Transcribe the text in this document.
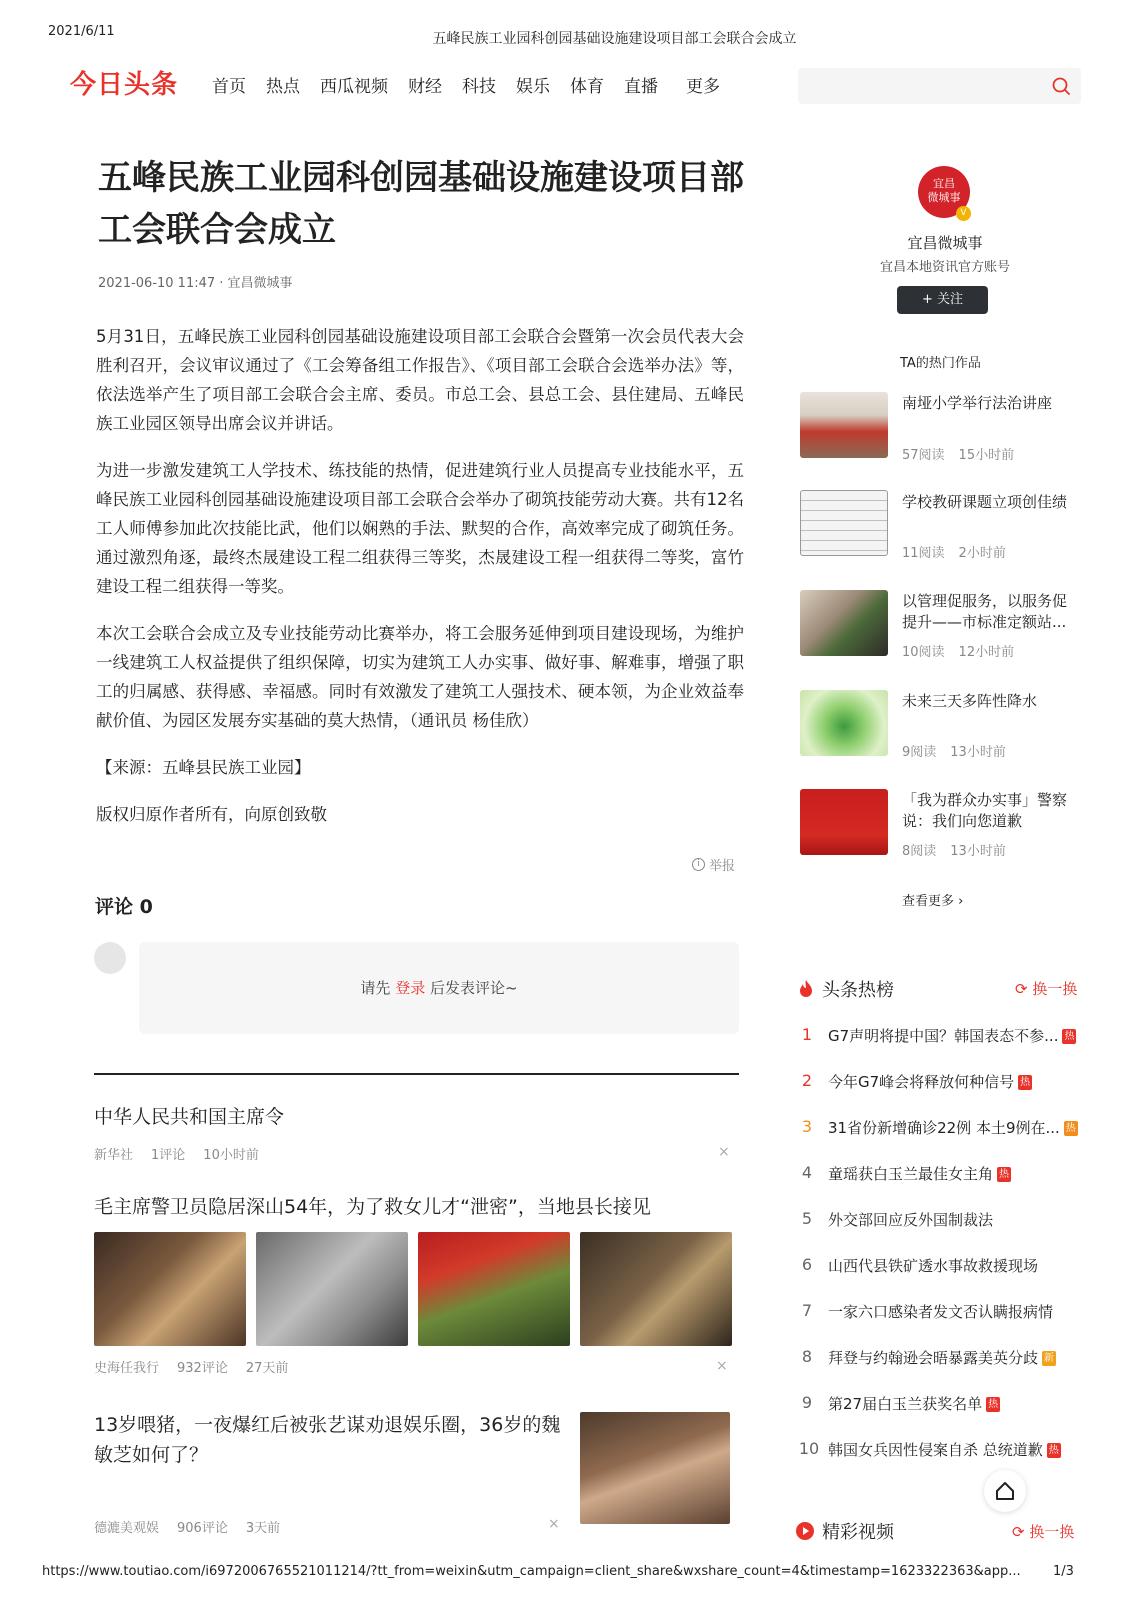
2021/6/11	五峰民族工业园科创园基础设施建设项目部工会联合会成立
今日头条 首页 热点 西瓜视频 财经 科技 娱乐 体育 直播 更多
五峰民族工业园科创园基础设施建设项目部工会联合会成立
2021-06-10 11:47 · 宜昌微城事

5月31日，五峰民族工业园科创园基础设施建设项目部工会联合会暨第一次会员代表大会胜利召开，会议审议通过了《工会筹备组工作报告》、《项目部工会联合会选举办法》等，依法选举产生了项目部工会联合会主席、委员。市总工会、县总工会、县住建局、五峰民族工业园区领导出席会议并讲话。

为进一步激发建筑工人学技术、练技能的热情，促进建筑行业人员提高专业技能水平，五峰民族工业园科创园基础设施建设项目部工会联合会举办了砌筑技能劳动大赛。共有12名工人师傅参加此次技能比武，他们以娴熟的手法、默契的合作，高效率完成了砌筑任务。通过激烈角逐，最终杰晟建设工程二组获得三等奖，杰晟建设工程一组获得二等奖，富竹建设工程二组获得一等奖。

本次工会联合会成立及专业技能劳动比赛举办，将工会服务延伸到项目建设现场，为维护一线建筑工人权益提供了组织保障，切实为建筑工人办实事、做好事、解难事，增强了职工的归属感、获得感、幸福感。同时有效激发了建筑工人强技术、硬本领，为企业效益奉献价值、为园区发展夯实基础的莫大热情，（通讯员 杨佳欣）

【来源：五峰县民族工业园】

版权归原作者所有，向原创致敬

i 举报
评论 0
请先 登录 后发表评论~
中华人民共和国主席令
新华社 1评论 10小时前	×
毛主席警卫员隐居深山54年，为了救女儿才“泄密”，当地县长接见
史海任我行 932评论 27天前	×
13岁喂猪，一夜爆红后被张艺谋劝退娱乐圈，36岁的魏敏芝如何了？
德漉美观娱 906评论 3天前	×
宜昌
微城事
V
宜昌微城事
宜昌本地资讯官方账号
+ 关注
TA的热门作品
南垭小学举行法治讲座
57阅读 15小时前
学校教研课题立项创佳绩
11阅读 2小时前
以管理促服务，以服务促提升——市标准定额站...
10阅读 12小时前
未来三天多阵性降水
9阅读 13小时前
「我为群众办实事」警察说：我们向您道歉
8阅读 13小时前
查看更多 ›
头条热榜	⟳ 换一换
1 G7声明将提中国？韩国表态不参... 热
2 今年G7峰会将释放何种信号 热
3 31省份新增确诊22例 本土9例在... 热
4 童瑶获白玉兰最佳女主角 热
5 外交部回应反外国制裁法
6 山西代县铁矿透水事故救援现场
7 一家六口感染者发文否认瞒报病情
8 拜登与约翰逊会晤暴露美英分歧 新
9 第27届白玉兰获奖名单 热
10 韩国女兵因性侵案自杀 总统道歉 热
精彩视频	⟳ 换一换
https://www.toutiao.com/i6972006765521011214/?tt_from=weixin&utm_campaign=client_share&wxshare_count=4&timestamp=1623322363&app... 1/3
